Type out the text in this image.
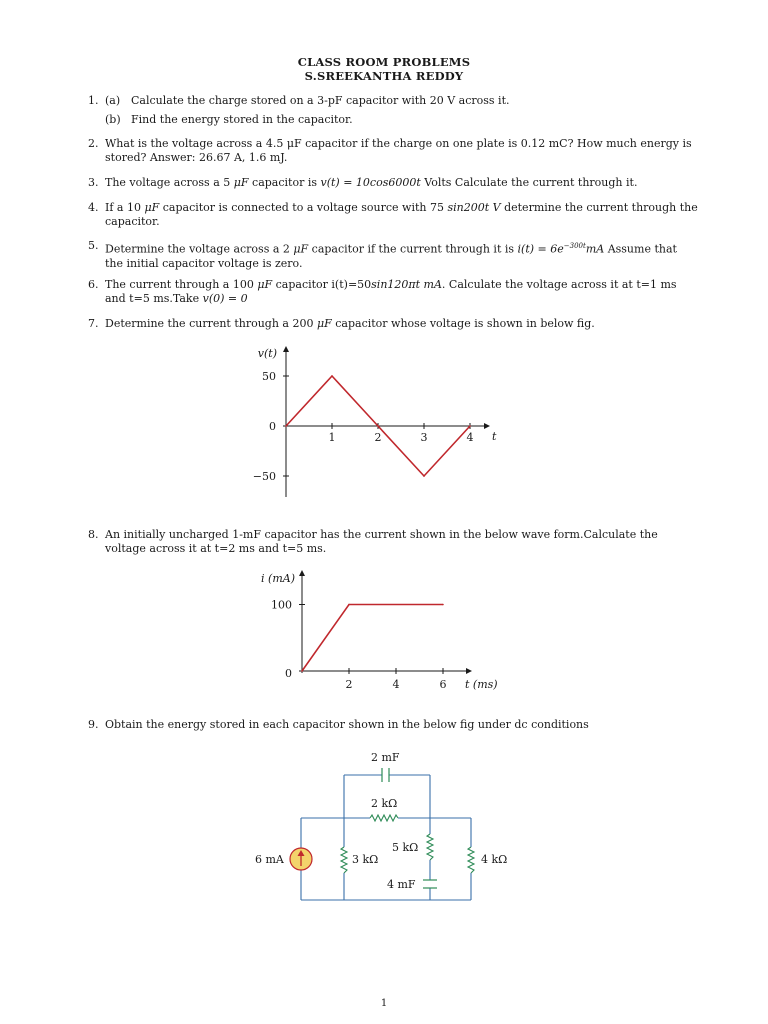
CLASS ROOM PROBLEMS
S.SREEKANTHA REDDY
1. (a) Calculate the charge stored on a 3-pF capacitor with 20 V across it.
(b) Find the energy stored in the capacitor.
2. What is the voltage across a 4.5 μF capacitor if the charge on one plate is 0.12 mC? How much energy is stored? Answer: 26.67 A, 1.6 mJ.
3. The voltage across a 5 μF capacitor is v(t) = 10cos6000t Volts Calculate the current through it.
4. If a 10 μF capacitor is connected to a voltage source with 75 sin200t V determine the current through the capacitor.
5. Determine the voltage across a 2 μF capacitor if the current through it is $i(t) = 6e^{-300t}mA$ Assume that the initial capacitor voltage is zero.
6. The current through a 100 μF capacitor i(t)=50sin120πt mA. Calculate the voltage across it at t=1 ms and t=5 ms.Take v(0) = 0
7. Determine the current through a 200 μF capacitor whose voltage is shown in below fig.
1	2	3	4
50
0
−50
v(t)
t
8. An initially uncharged 1-mF capacitor has the current shown in the below wave form.Calculate the voltage across it at t=2 ms and t=5 ms.
2	4	6
100
0
i (mA)
t (ms)
9. Obtain the energy stored in each capacitor shown in the below fig under dc conditions
6 mA
2 mF
2 kΩ
5 kΩ
4 mF
3 kΩ	4 kΩ
1
